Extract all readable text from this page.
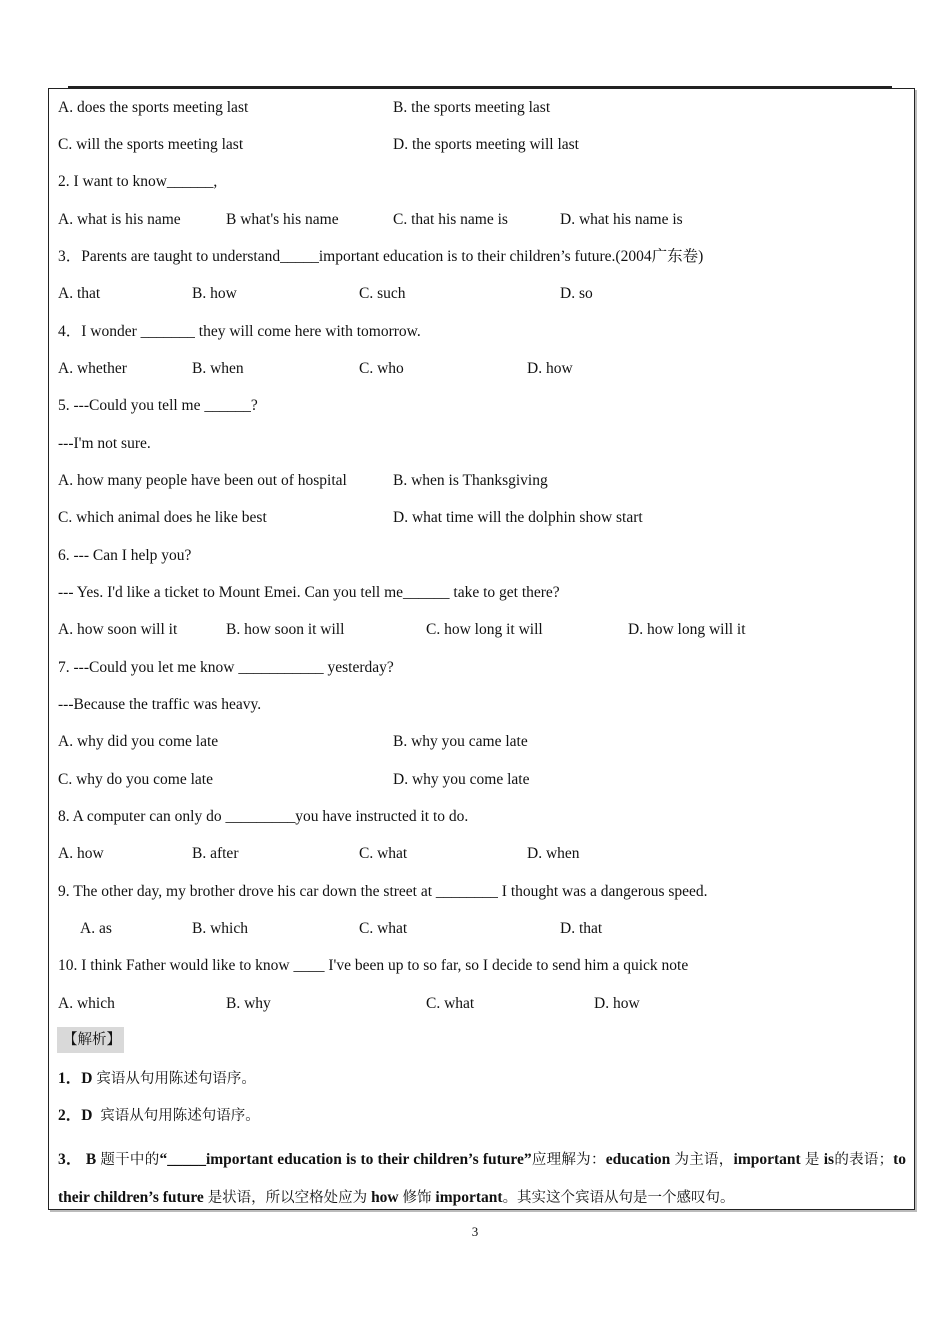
A. does the sports meeting last	B. the sports meeting last
C. will the sports meeting last	D. the sports meeting will last
2. I want to know______,
A. what is his name	B what's his name	C. that his name is	D. what his name is
3．Parents are taught to understand_____important education is to their children’s future.(2004广东卷)
A. that	B. how	C. such	D. so
4．I wonder _______ they will come here with tomorrow.
A. whether	B. when	C. who	D. how
5. ---Could you tell me ______?
---I'm not sure.
A. how many people have been out of hospital	B. when is Thanksgiving
C. which animal does he like best	D. what time will the dolphin show start
6. --- Can I help you?
--- Yes. I'd like a ticket to Mount Emei. Can you tell me______ take to get there?
A. how soon will it	B. how soon it will	C. how long it will	D. how long will it
7. ---Could you let me know ___________ yesterday?
---Because the traffic was heavy.
A. why did you come late	B. why you came late
C. why do you come late	D. why you come late
8. A computer can only do _________you have instructed it to do.
A. how	B. after	C. what	D. when
9. The other day, my brother drove his car down the street at ________ I thought was a dangerous speed.
A. as	B. which	C. what	D. that
10. I think Father would like to know ____ I've been up to so far, so I decide to send him a quick note
A. which	B. why	C. what	D. how
【解析】
1．D 宾语从句用陈述句语序。
2．D 宾语从句用陈述句语序。
3． B 题干中的“_____important education is to their children’s future”应理解为：education 为主语，important 是 is的表语；to their children’s future 是状语，所以空格处应为 how 修饰 important。其实这个宾语从句是一个感叹句。
3
